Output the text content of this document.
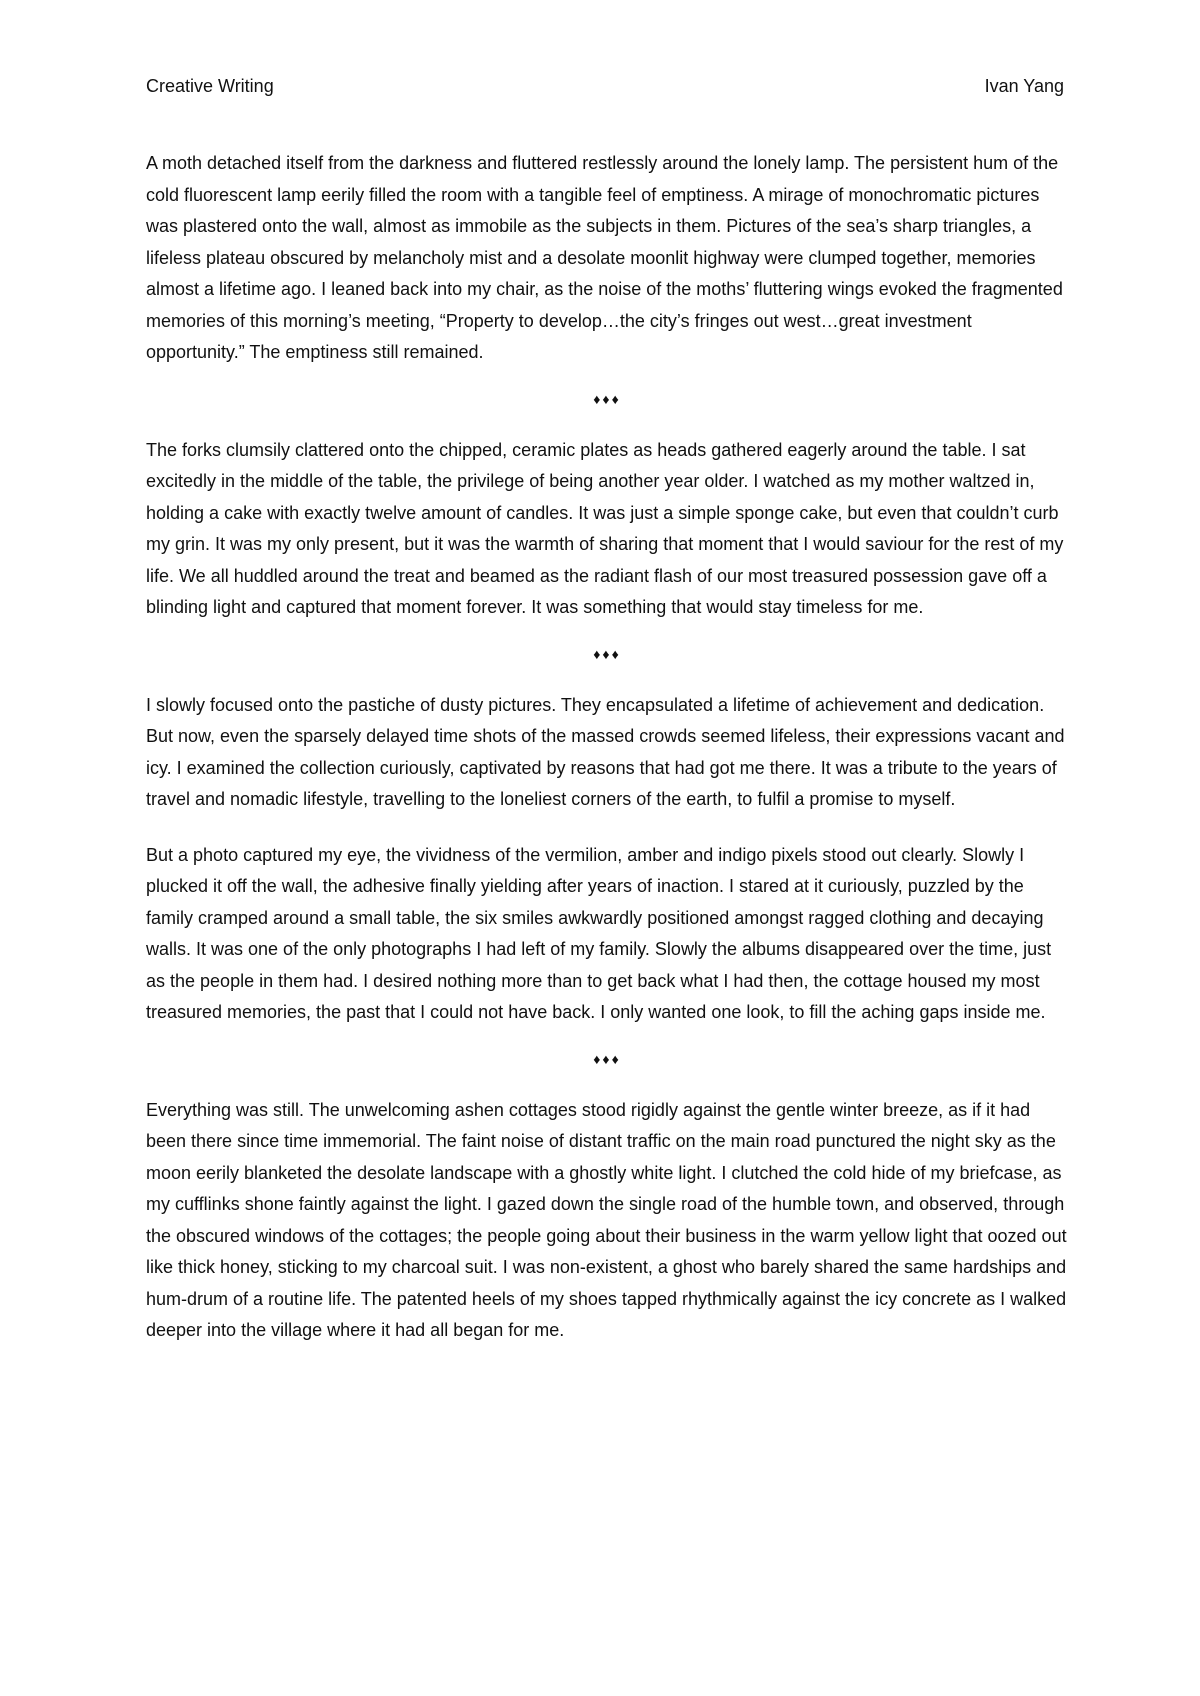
Creative Writing	Ivan Yang

A moth detached itself from the darkness and fluttered restlessly around the lonely lamp. The persistent hum of the cold fluorescent lamp eerily filled the room with a tangible feel of emptiness. A mirage of monochromatic pictures was plastered onto the wall, almost as immobile as the subjects in them. Pictures of the sea’s sharp triangles, a lifeless plateau obscured by melancholy mist and a desolate moonlit highway were clumped together, memories almost a lifetime ago. I leaned back into my chair, as the noise of the moths’ fluttering wings evoked the fragmented memories of this morning’s meeting, “Property to develop…the city’s fringes out west…great investment opportunity.” The emptiness still remained.

♦♦♦

The forks clumsily clattered onto the chipped, ceramic plates as heads gathered eagerly around the table. I sat excitedly in the middle of the table, the privilege of being another year older. I watched as my mother waltzed in, holding a cake with exactly twelve amount of candles. It was just a simple sponge cake, but even that couldn’t curb my grin. It was my only present, but it was the warmth of sharing that moment that I would saviour for the rest of my life. We all huddled around the treat and beamed as the radiant flash of our most treasured possession gave off a blinding light and captured that moment forever. It was something that would stay timeless for me.

♦♦♦

I slowly focused onto the pastiche of dusty pictures. They encapsulated a lifetime of achievement and dedication. But now, even the sparsely delayed time shots of the massed crowds seemed lifeless, their expressions vacant and icy. I examined the collection curiously, captivated by reasons that had got me there. It was a tribute to the years of travel and nomadic lifestyle, travelling to the loneliest corners of the earth, to fulfil a promise to myself.

But a photo captured my eye, the vividness of the vermilion, amber and indigo pixels stood out clearly. Slowly I plucked it off the wall, the adhesive finally yielding after years of inaction. I stared at it curiously, puzzled by the family cramped around a small table, the six smiles awkwardly positioned amongst ragged clothing and decaying walls. It was one of the only photographs I had left of my family. Slowly the albums disappeared over the time, just as the people in them had. I desired nothing more than to get back what I had then, the cottage housed my most treasured memories, the past that I could not have back. I only wanted one look, to fill the aching gaps inside me.

♦♦♦

Everything was still. The unwelcoming ashen cottages stood rigidly against the gentle winter breeze, as if it had been there since time immemorial. The faint noise of distant traffic on the main road punctured the night sky as the moon eerily blanketed the desolate landscape with a ghostly white light. I clutched the cold hide of my briefcase, as my cufflinks shone faintly against the light. I gazed down the single road of the humble town, and observed, through the obscured windows of the cottages; the people going about their business in the warm yellow light that oozed out like thick honey, sticking to my charcoal suit. I was non-existent, a ghost who barely shared the same hardships and hum-drum of a routine life. The patented heels of my shoes tapped rhythmically against the icy concrete as I walked deeper into the village where it had all began for me.
